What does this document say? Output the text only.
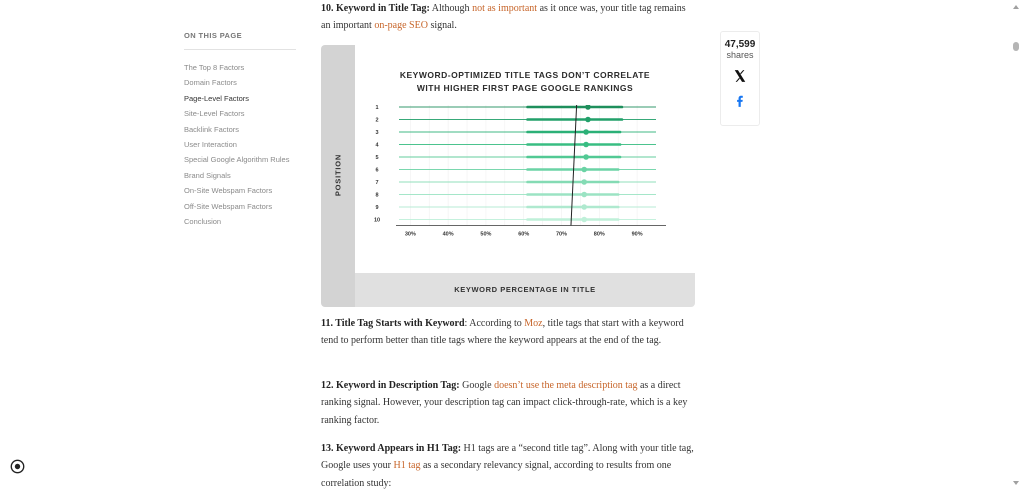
ON THIS PAGE
The Top 8 Factors
Domain Factors
Page-Level Factors
Site-Level Factors
Backlink Factors
User Interaction
Special Google Algorithm Rules
Brand Signals
On-Site Webspam Factors
Off-Site Webspam Factors
Conclusion

10. Keyword in Title Tag: Although not as important as it once was, your title tag remains an important on-page SEO signal.

POSITION
KEYWORD PERCENTAGE IN TITLE
KEYWORD-OPTIMIZED TITLE TAGS DON’T CORRELATE
WITH HIGHER FIRST PAGE GOOGLE RANKINGS
1
2
3
4
5
6
7
8
9
10
30%	40%	50%	60%	70%	80%	90%

11. Title Tag Starts with Keyword: According to Moz, title tags that start with a keyword tend to perform better than title tags where the keyword appears at the end of the tag.

12. Keyword in Description Tag: Google doesn’t use the meta description tag as a direct ranking signal. However, your description tag can impact click-through-rate, which is a key ranking factor.

13. Keyword Appears in H1 Tag: H1 tags are a “second title tag”. Along with your title tag, Google uses your H1 tag as a secondary relevancy signal, according to results from one correlation study:

47,599
shares
